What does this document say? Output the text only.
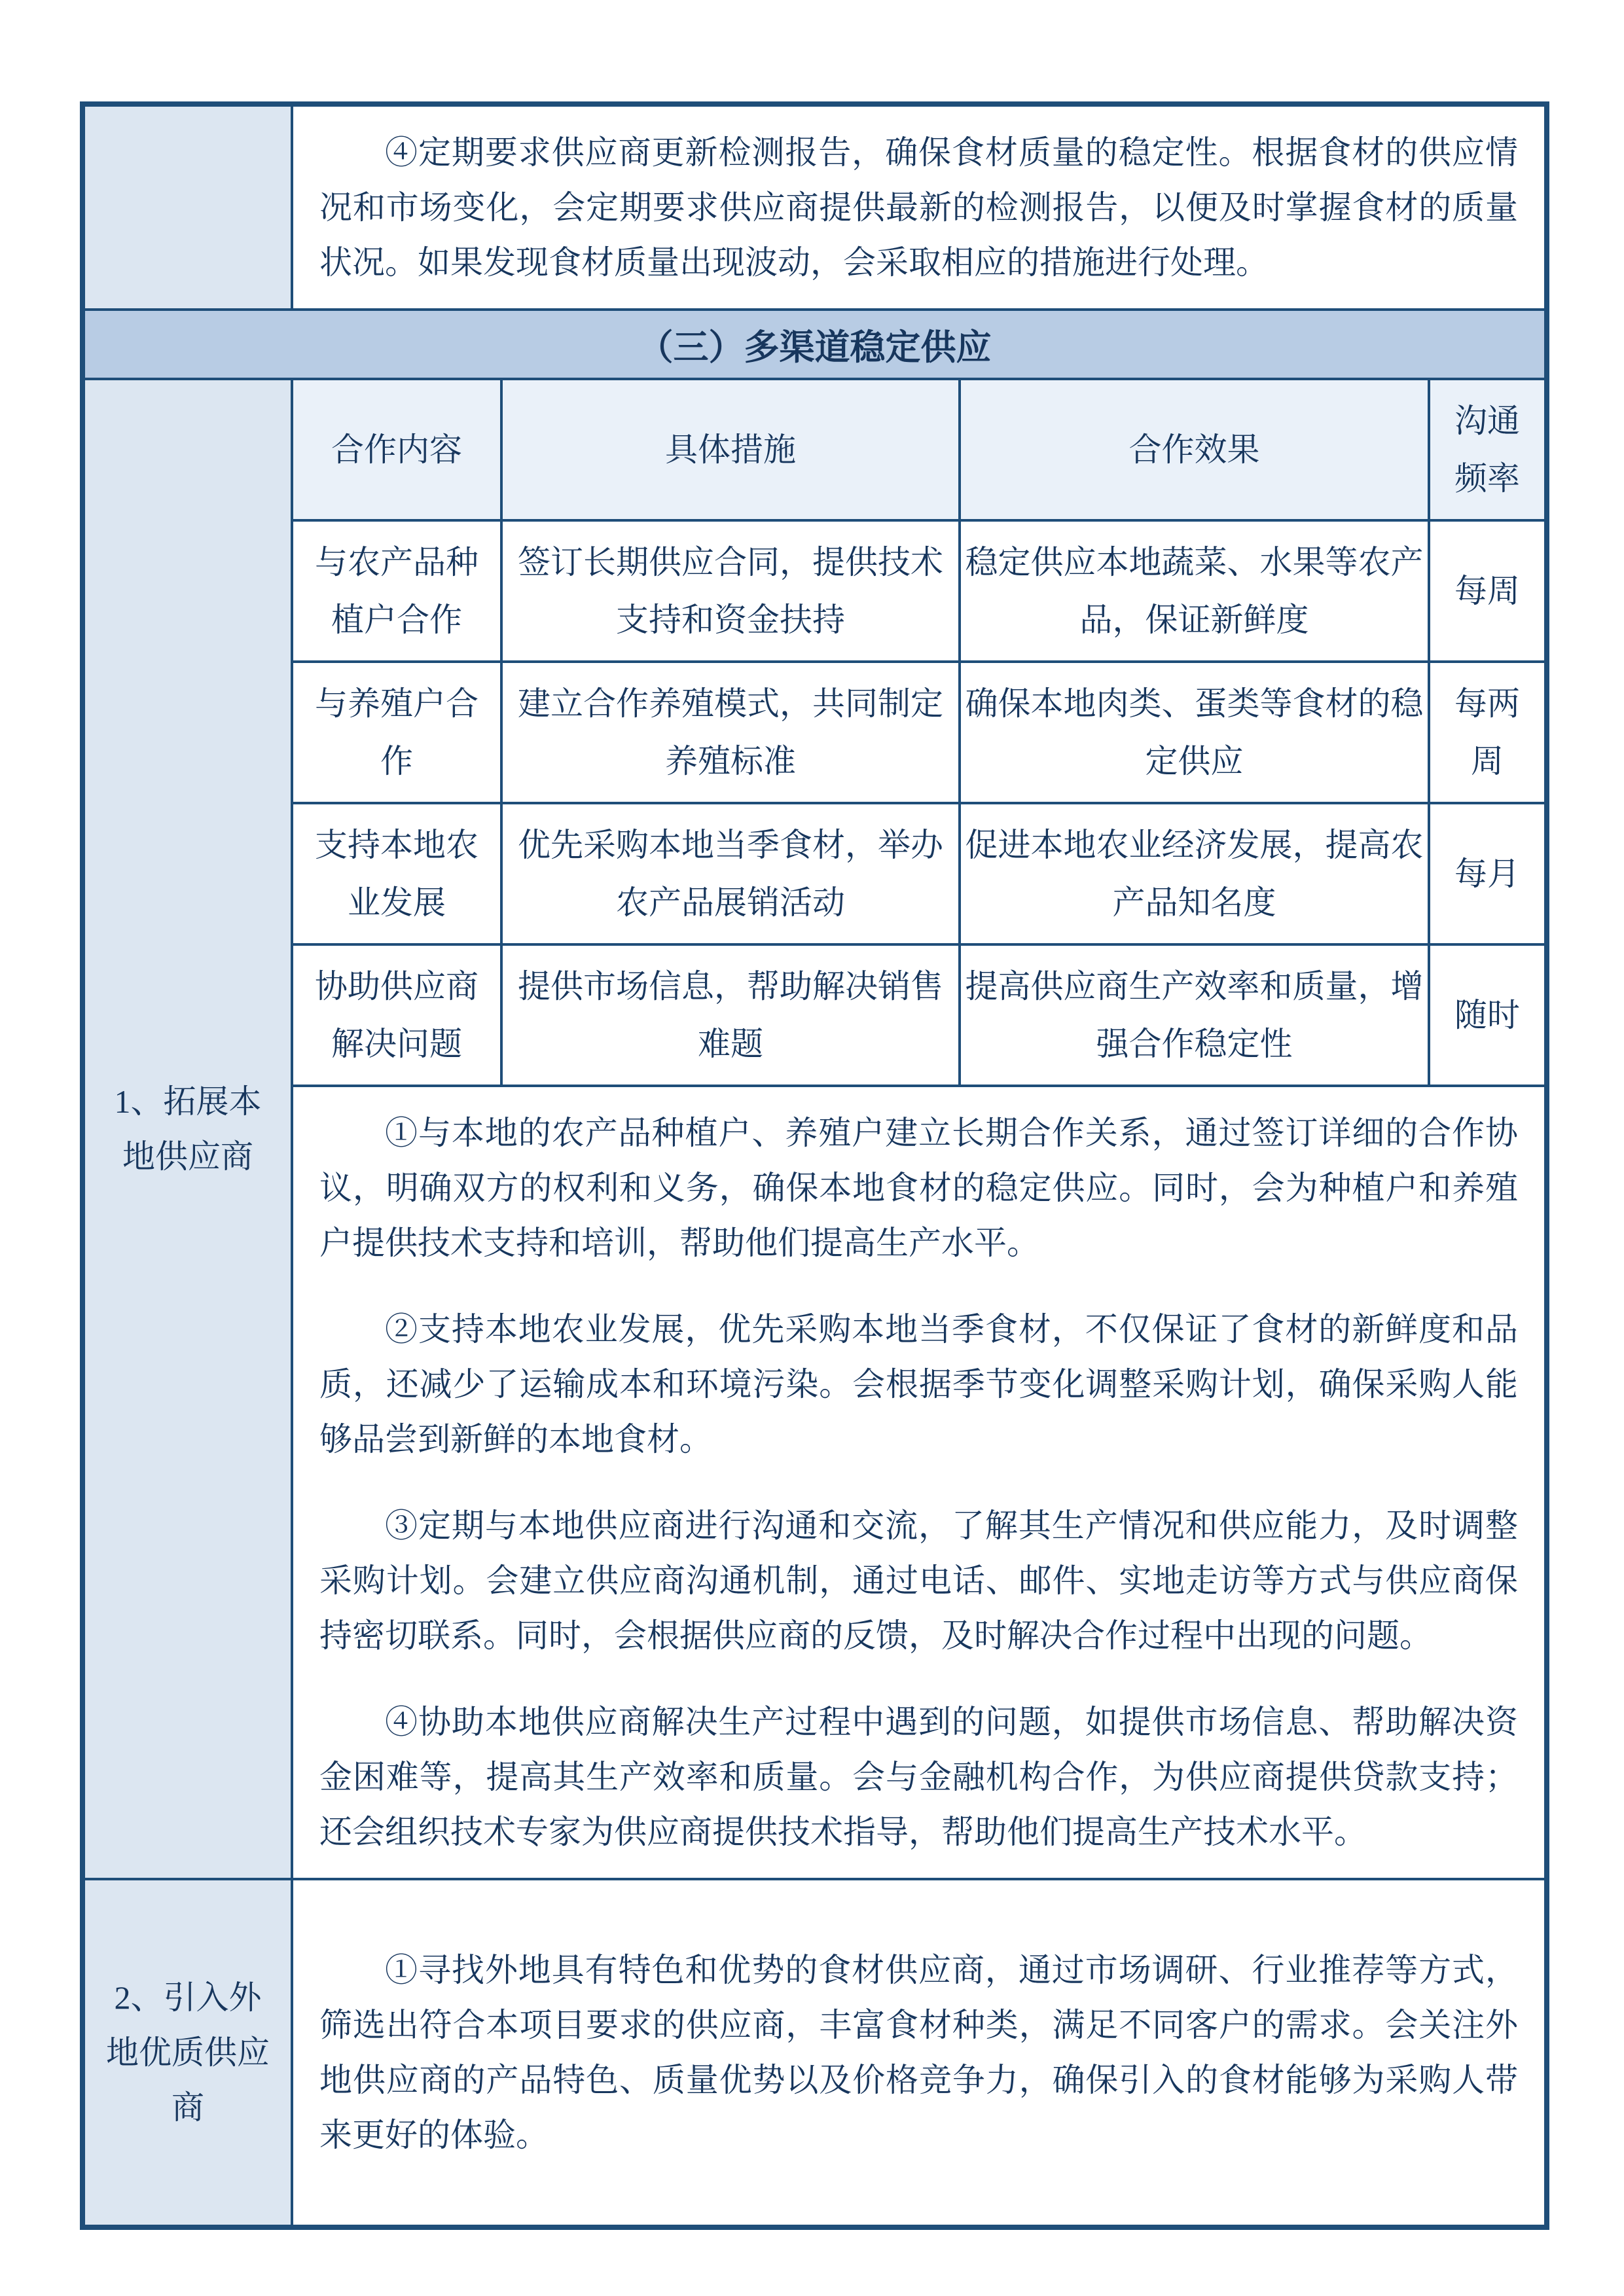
	④定期要求供应商更新检测报告，确保食材质量的稳定性。根据食材的供应情况和市场变化，会定期要求供应商提供最新的检测报告，以便及时掌握食材的质量状况。如果发现食材质量出现波动，会采取相应的措施进行处理。			

（三）多渠道稳定供应				
1、拓展本地供应商	合作内容	具体措施	合作效果	沟通频率
	与农产品种植户合作	签订长期供应合同，提供技术支持和资金扶持	稳定供应本地蔬菜、水果等农产品，保证新鲜度	每周
	与养殖户合作	建立合作养殖模式，共同制定养殖标准	确保本地肉类、蛋类等食材的稳定供应	每两周
	支持本地农业发展	优先采购本地当季食材，举办农产品展销活动	促进本地农业经济发展，提高农产品知名度	每月
	协助供应商解决问题	提供市场信息，帮助解决销售难题	提高供应商生产效率和质量，增强合作稳定性	随时

	①与本地的农产品种植户、养殖户建立长期合作关系，通过签订详细的合作协议，明确双方的权利和义务，确保本地食材的稳定供应。同时，会为种植户和养殖户提供技术支持和培训，帮助他们提高生产水平。

②支持本地农业发展，优先采购本地当季食材，不仅保证了食材的新鲜度和品质，还减少了运输成本和环境污染。会根据季节变化调整采购计划，确保采购人能够品尝到新鲜的本地食材。

③定期与本地供应商进行沟通和交流，了解其生产情况和供应能力，及时调整采购计划。会建立供应商沟通机制，通过电话、邮件、实地走访等方式与供应商保持密切联系。同时，会根据供应商的反馈，及时解决合作过程中出现的问题。

④协助本地供应商解决生产过程中遇到的问题，如提供市场信息、帮助解决资金困难等，提高其生产效率和质量。会与金融机构合作，为供应商提供贷款支持；还会组织技术专家为供应商提供技术指导，帮助他们提高生产技术水平。			

2、引入外地优质供应商	①寻找外地具有特色和优势的食材供应商，通过市场调研、行业推荐等方式，筛选出符合本项目要求的供应商，丰富食材种类，满足不同客户的需求。会关注外地供应商的产品特色、质量优势以及价格竞争力，确保引入的食材能够为采购人带来更好的体验。			
